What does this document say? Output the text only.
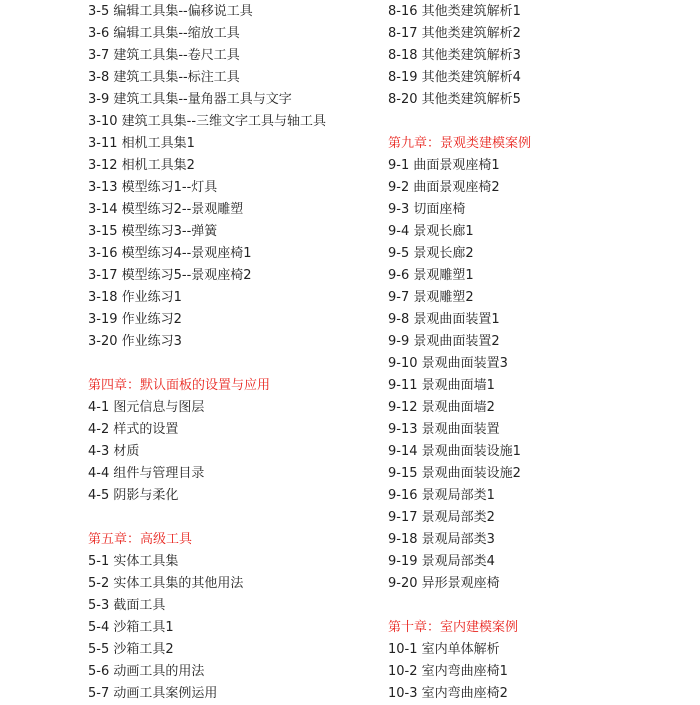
3-5 编辑工具集--偏移说工具
3-6 编辑工具集--缩放工具
3-7 建筑工具集--卷尺工具
3-8 建筑工具集--标注工具
3-9 建筑工具集--量角器工具与文字
3-10 建筑工具集--三维文字工具与轴工具
3-11 相机工具集1
3-12 相机工具集2
3-13 模型练习1--灯具
3-14 模型练习2--景观雕塑
3-15 模型练习3--弹簧
3-16 模型练习4--景观座椅1
3-17 模型练习5--景观座椅2
3-18 作业练习1
3-19 作业练习2
3-20 作业练习3
第四章：默认面板的设置与应用
4-1 图元信息与图层
4-2 样式的设置
4-3 材质
4-4 组件与管理目录
4-5 阴影与柔化
第五章：高级工具
5-1 实体工具集
5-2 实体工具集的其他用法
5-3 截面工具
5-4 沙箱工具1
5-5 沙箱工具2
5-6 动画工具的用法
5-7 动画工具案例运用
8-16 其他类建筑解析1
8-17 其他类建筑解析2
8-18 其他类建筑解析3
8-19 其他类建筑解析4
8-20 其他类建筑解析5
第九章：景观类建模案例
9-1 曲面景观座椅1
9-2 曲面景观座椅2
9-3 切面座椅
9-4 景观长廊1
9-5 景观长廊2
9-6 景观雕塑1
9-7 景观雕塑2
9-8 景观曲面装置1
9-9 景观曲面装置2
9-10 景观曲面装置3
9-11 景观曲面墙1
9-12 景观曲面墙2
9-13 景观曲面装置
9-14 景观曲面装设施1
9-15 景观曲面装设施2
9-16 景观局部类1
9-17 景观局部类2
9-18 景观局部类3
9-19 景观局部类4
9-20 异形景观座椅
第十章：室内建模案例
10-1 室内单体解析
10-2 室内弯曲座椅1
10-3 室内弯曲座椅2
